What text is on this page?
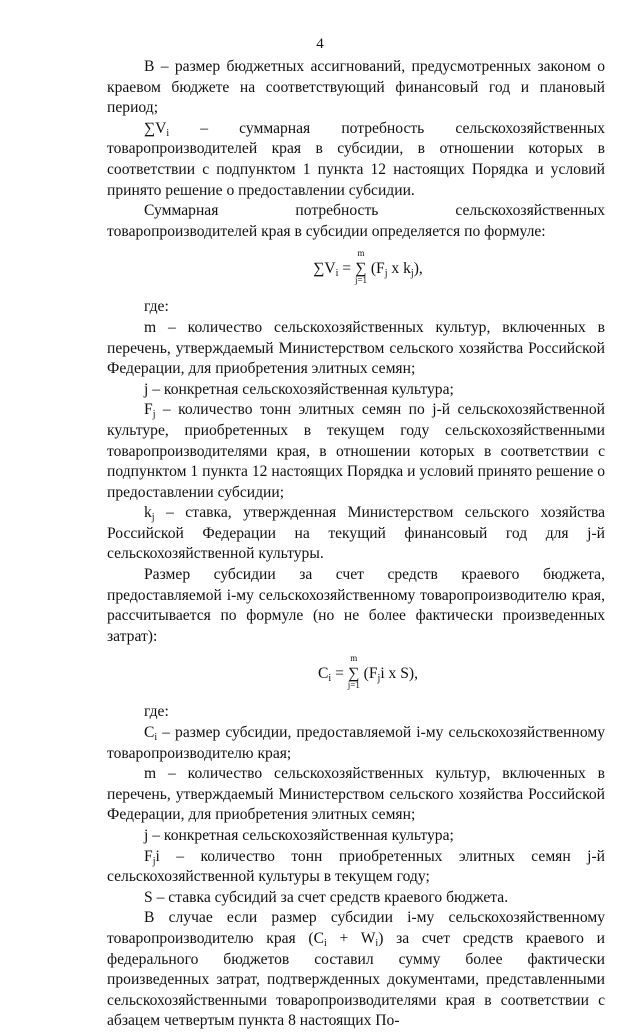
4

B – размер бюджетных ассигнований, предусмотренных законом о краевом бюджете на соответствующий финансовый год и плановый период;

$\sum V_i$ – суммарная потребность сельскохозяйственных товаропроизводителей края в субсидии, в отношении которых в соответствии с подпунктом 1 пункта 12 настоящих Порядка и условий принято решение о предоставлении субсидии.

Суммарная потребность сельскохозяйственных товаропроизводителей края в субсидии определяется по формуле:

$\sum V_i$ =
m
∑
j=1
($F_j$ x $k_j$),

где:

m – количество сельскохозяйственных культур, включенных в перечень, утверждаемый Министерством сельского хозяйства Российской Федерации, для приобретения элитных семян;

j – конкретная сельскохозяйственная культура;

$F_j$ – количество тонн элитных семян по j-й сельскохозяйственной культуре, приобретенных в текущем году сельскохозяйственными товаропроизводителями края, в отношении которых в соответствии с подпунктом 1 пункта 12 настоящих Порядка и условий принято решение о предоставлении субсидии;

$k_j$ – ставка, утвержденная Министерством сельского хозяйства Российской Федерации на текущий финансовый год для j-й сельскохозяйственной культуры.

Размер субсидии за счет средств краевого бюджета, предоставляемой i-му сельскохозяйственному товаропроизводителю края, рассчитывается по формуле (но не более фактически произведенных затрат):

$C_i$ =
m
∑
j=1
($F_ji$ x S),

где:

$C_i$ – размер субсидии, предоставляемой i-му сельскохозяйственному товаропроизводителю края;

m – количество сельскохозяйственных культур, включенных в перечень, утверждаемый Министерством сельского хозяйства Российской Федерации, для приобретения элитных семян;

j – конкретная сельскохозяйственная культура;

$F_ji$ – количество тонн приобретенных элитных семян j-й сельскохозяйственной культуры в текущем году;

S – ставка субсидий за счет средств краевого бюджета.

В случае если размер субсидии i-му сельскохозяйственному товаропроизводителю края $(C_i + W_i)$ за счет средств краевого и федерального бюджетов составил сумму более фактически произведенных затрат, подтвержденных документами, представленными сельскохозяйственными товаропроизводителями края в соответствии с абзацем четвертым пункта 8 настоящих По-
